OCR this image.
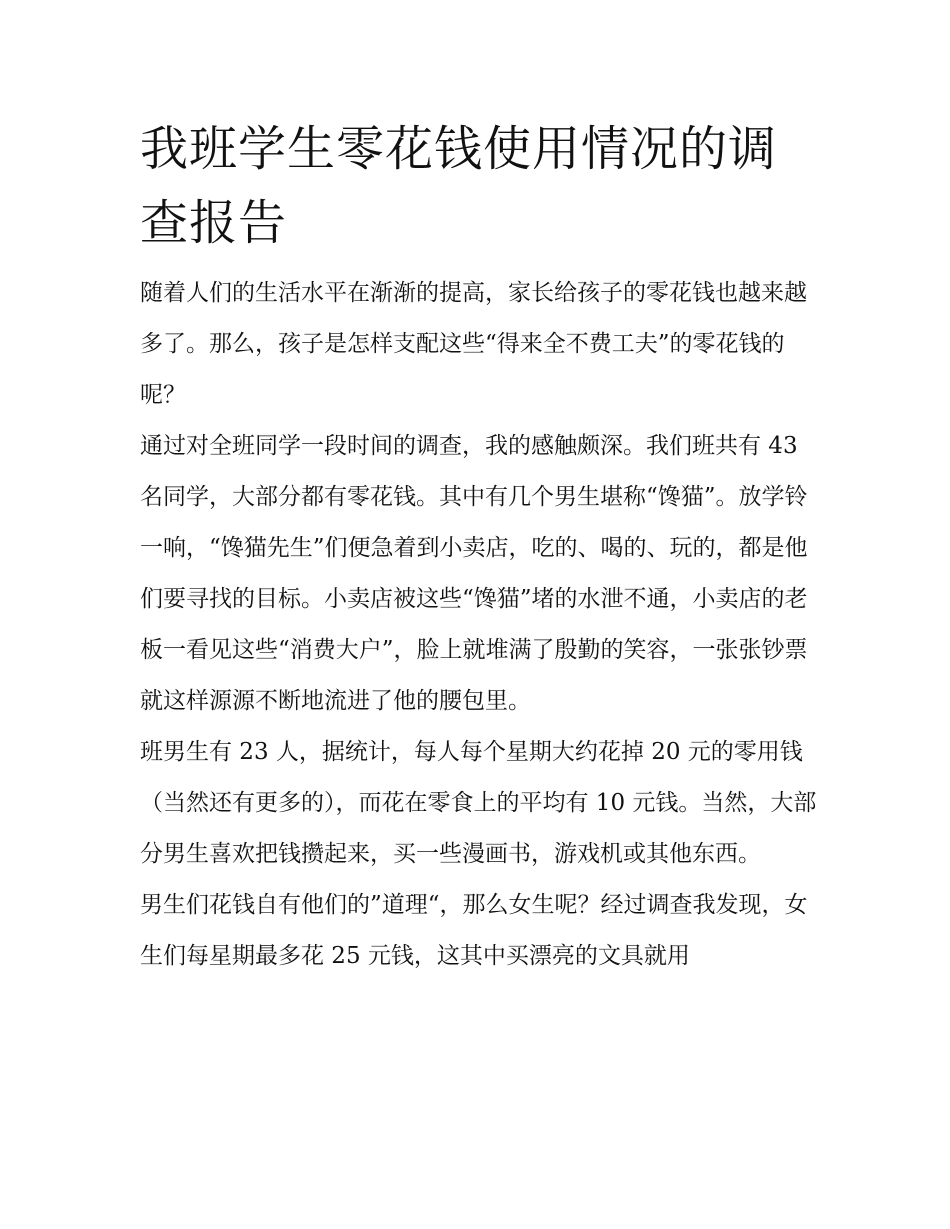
我班学生零花钱使用情况的调查报告

随着人们的生活水平在渐渐的提高，家长给孩子的零花钱也越来越多了。那么，孩子是怎样支配这些“得来全不费工夫”的零花钱的呢？

通过对全班同学一段时间的调查，我的感触颇深。我们班共有 43 名同学，大部分都有零花钱。其中有几个男生堪称“馋猫”。放学铃一响，“馋猫先生”们便急着到小卖店，吃的、喝的、玩的，都是他们要寻找的目标。小卖店被这些“馋猫”堵的水泄不通，小卖店的老板一看见这些“消费大户”，脸上就堆满了殷勤的笑容，一张张钞票就这样源源不断地流进了他的腰包里。

班男生有 23 人，据统计，每人每个星期大约花掉 20 元的零用钱（当然还有更多的），而花在零食上的平均有 10 元钱。当然，大部分男生喜欢把钱攒起来，买一些漫画书，游戏机或其他东西。

男生们花钱自有他们的”道理“，那么女生呢？经过调查我发现，女生们每星期最多花 25 元钱，这其中买漂亮的文具就用
